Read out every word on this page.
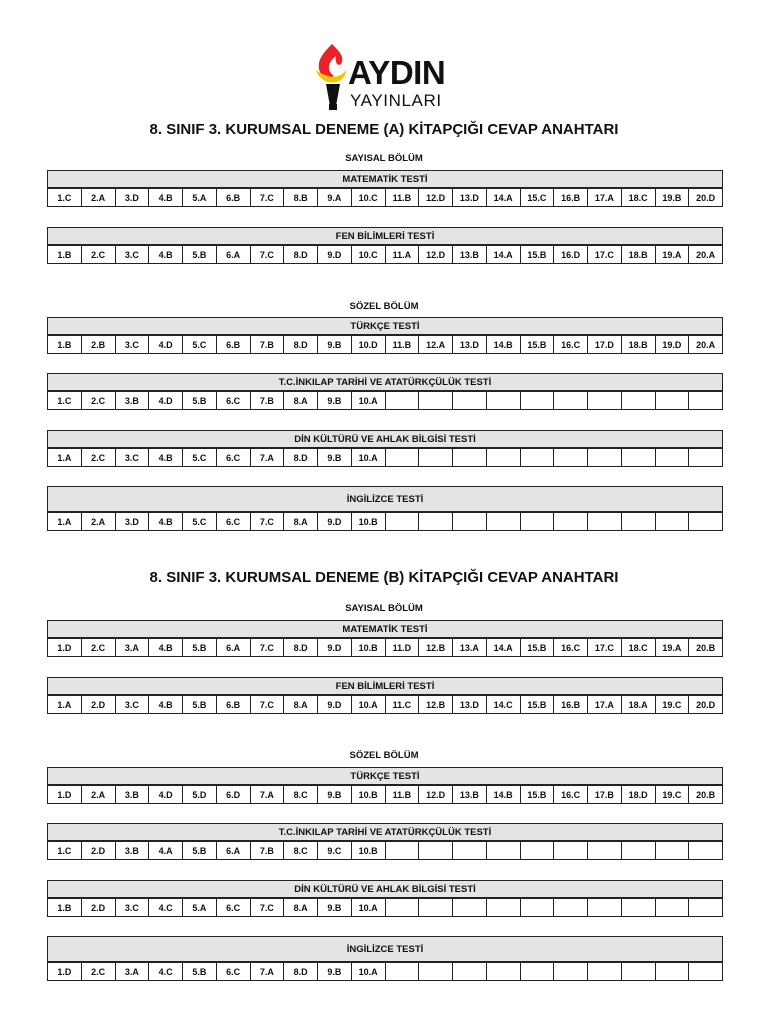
AYDIN
YAYINLARI
8. SINIF 3. KURUMSAL DENEME (A) KİTAPÇIĞI CEVAP ANAHTARI
SAYISAL BÖLÜM
MATEMATİK TESTİ
1.C	2.A	3.D	4.B	5.A	6.B	7.C	8.B	9.A	10.C	11.B	12.D	13.D	14.A	15.C	16.B	17.A	18.C	19.B	20.D
FEN BİLİMLERİ TESTİ
1.B	2.C	3.C	4.B	5.B	6.A	7.C	8.D	9.D	10.C	11.A	12.D	13.B	14.A	15.B	16.D	17.C	18.B	19.A	20.A
SÖZEL BÖLÜM
TÜRKÇE TESTİ
1.B	2.B	3.C	4.D	5.C	6.B	7.B	8.D	9.B	10.D	11.B	12.A	13.D	14.B	15.B	16.C	17.D	18.B	19.D	20.A
T.C.İNKILAP TARİHİ VE ATATÜRKÇÜLÜK TESTİ
1.C	2.C	3.B	4.D	5.B	6.C	7.B	8.A	9.B	10.A										
DİN KÜLTÜRÜ VE AHLAK BİLGİSİ TESTİ
1.A	2.C	3.C	4.B	5.C	6.C	7.A	8.D	9.B	10.A										
İNGİLİZCE TESTİ
1.A	2.A	3.D	4.B	5.C	6.C	7.C	8.A	9.D	10.B										
8. SINIF 3. KURUMSAL DENEME (B) KİTAPÇIĞI CEVAP ANAHTARI
SAYISAL BÖLÜM
MATEMATİK TESTİ
1.D	2.C	3.A	4.B	5.B	6.A	7.C	8.D	9.D	10.B	11.D	12.B	13.A	14.A	15.B	16.C	17.C	18.C	19.A	20.B
FEN BİLİMLERİ TESTİ
1.A	2.D	3.C	4.B	5.B	6.B	7.C	8.A	9.D	10.A	11.C	12.B	13.D	14.C	15.B	16.B	17.A	18.A	19.C	20.D
SÖZEL BÖLÜM
TÜRKÇE TESTİ
1.D	2.A	3.B	4.D	5.D	6.D	7.A	8.C	9.B	10.B	11.B	12.D	13.B	14.B	15.B	16.C	17.B	18.D	19.C	20.B
T.C.İNKILAP TARİHİ VE ATATÜRKÇÜLÜK TESTİ
1.C	2.D	3.B	4.A	5.B	6.A	7.B	8.C	9.C	10.B										
DİN KÜLTÜRÜ VE AHLAK BİLGİSİ TESTİ
1.B	2.D	3.C	4.C	5.A	6.C	7.C	8.A	9.B	10.A										
İNGİLİZCE TESTİ
1.D	2.C	3.A	4.C	5.B	6.C	7.A	8.D	9.B	10.A										
